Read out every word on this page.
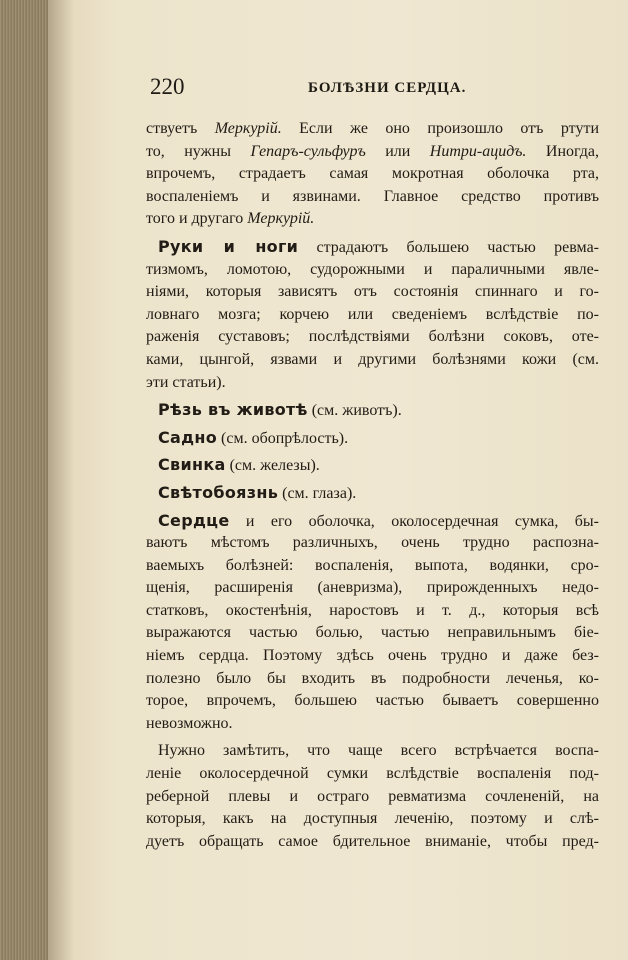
220	БОЛѢЗНИ СЕРДЦА.
ствуетъ Меркурій. Если же оно произошло отъ ртути
то, нужны Гепаръ-сульфуръ или Нитри-ацидъ. Иногда,
впрочемъ, страдаетъ самая мокротная оболочка рта,
воспаленіемъ и язвинами. Главное средство противъ
того и другаго Меркурій.
Руки и ноги страдаютъ большею частью ревма-
тизмомъ, ломотою, судорожными и параличными явле-
ніями, которыя зависятъ отъ состоянія спиннаго и го-
ловнаго мозга; корчею или сведеніемъ вслѣдствіе по-
раженія суставовъ; послѣдствіями болѣзни соковъ, оте-
ками, цынгой, язвами и другими болѣзнями кожи (см.
эти статьи).
Рѣзь въ животѣ (см. животъ).
Садно (см. обопрѣлость).
Свинка (см. железы).
Свѣтобоязнь (см. глаза).
Сердце и его оболочка, околосердечная сумка, бы-
ваютъ мѣстомъ различныхъ, очень трудно распозна-
ваемыхъ болѣзней: воспаленія, выпота, водянки, сро-
щенія, расширенія (аневризма), прирожденныхъ недо-
статковъ, окостенѣнія, наростовъ и т. д., которыя всѣ
выражаются частью болью, частью неправильнымъ біе-
ніемъ сердца. Поэтому здѣсь очень трудно и даже без-
полезно было бы входить въ подробности леченья, ко-
торое, впрочемъ, большею частью бываетъ совершенно
невозможно.
Нужно замѣтить, что чаще всего встрѣчается воспа-
леніе околосердечной сумки вслѣдствіе воспаленія под-
реберной плевы и остраго ревматизма сочлененій, на
которыя, какъ на доступныя леченію, поэтому и слѣ-
дуетъ обращать самое бдительное вниманіе, чтобы пред-
